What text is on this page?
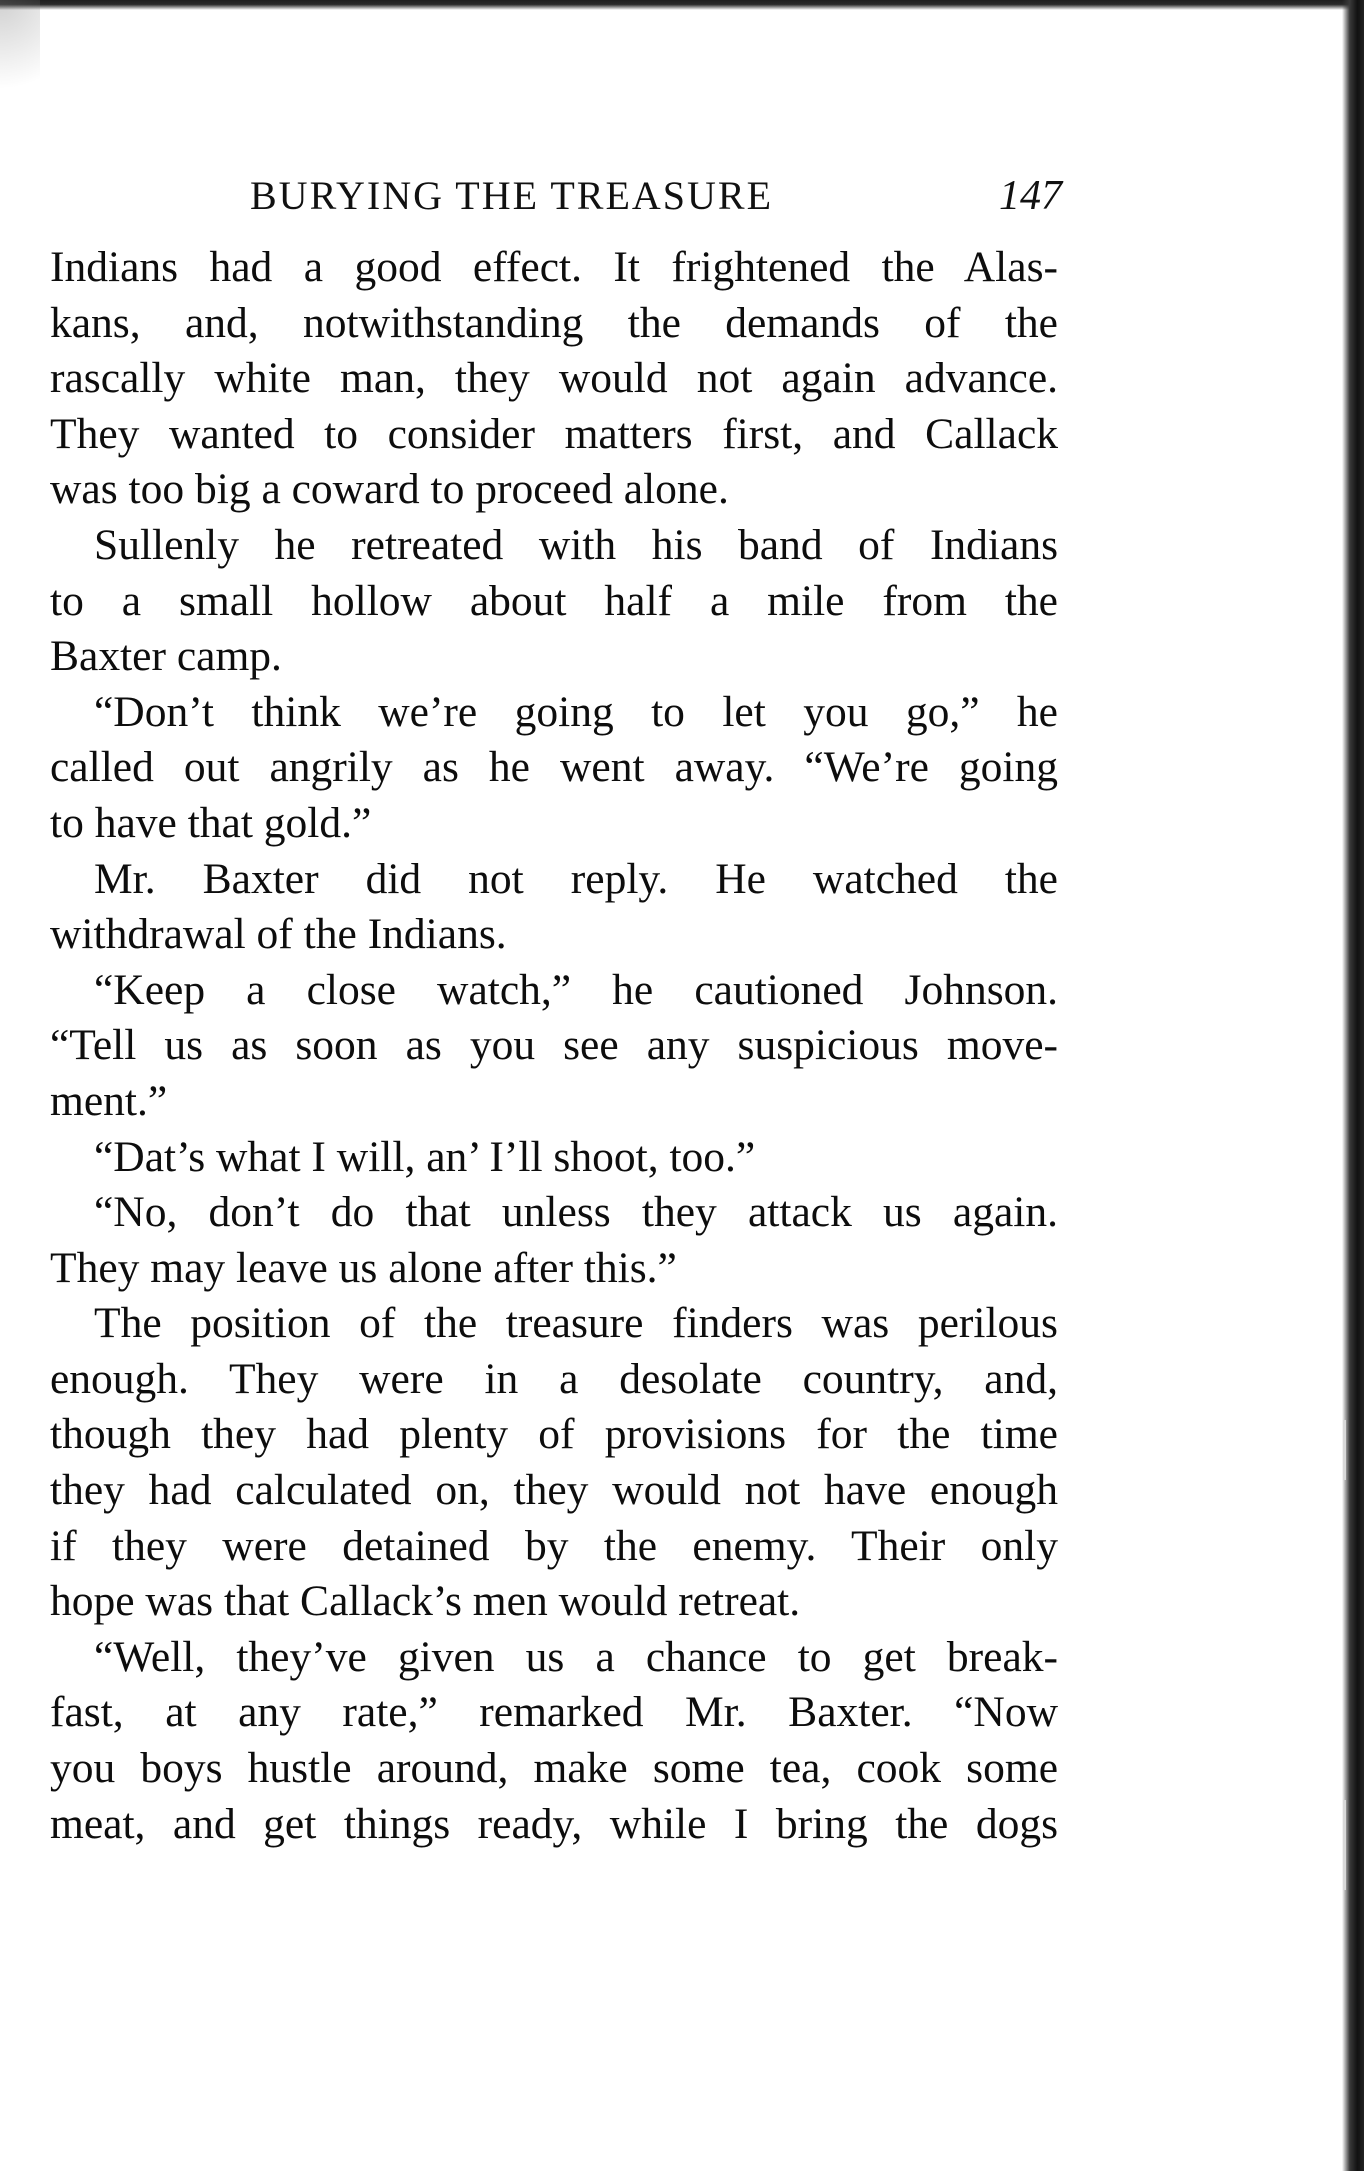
BURYING THE TREASURE	147
Indians had a good effect. It frightened the Alas-
kans, and, notwithstanding the demands of the
rascally white man, they would not again advance.
They wanted to consider matters first, and Callack
was too big a coward to proceed alone.
Sullenly he retreated with his band of Indians
to a small hollow about half a mile from the
Baxter camp.
“Don’t think we’re going to let you go,” he
called out angrily as he went away. “We’re going
to have that gold.”
Mr. Baxter did not reply. He watched the
withdrawal of the Indians.
“Keep a close watch,” he cautioned Johnson.
“Tell us as soon as you see any suspicious move-
ment.”
“Dat’s what I will, an’ I’ll shoot, too.”
“No, don’t do that unless they attack us again.
They may leave us alone after this.”
The position of the treasure finders was perilous
enough. They were in a desolate country, and,
though they had plenty of provisions for the time
they had calculated on, they would not have enough
if they were detained by the enemy. Their only
hope was that Callack’s men would retreat.
“Well, they’ve given us a chance to get break-
fast, at any rate,” remarked Mr. Baxter. “Now
you boys hustle around, make some tea, cook some
meat, and get things ready, while I bring the dogs
